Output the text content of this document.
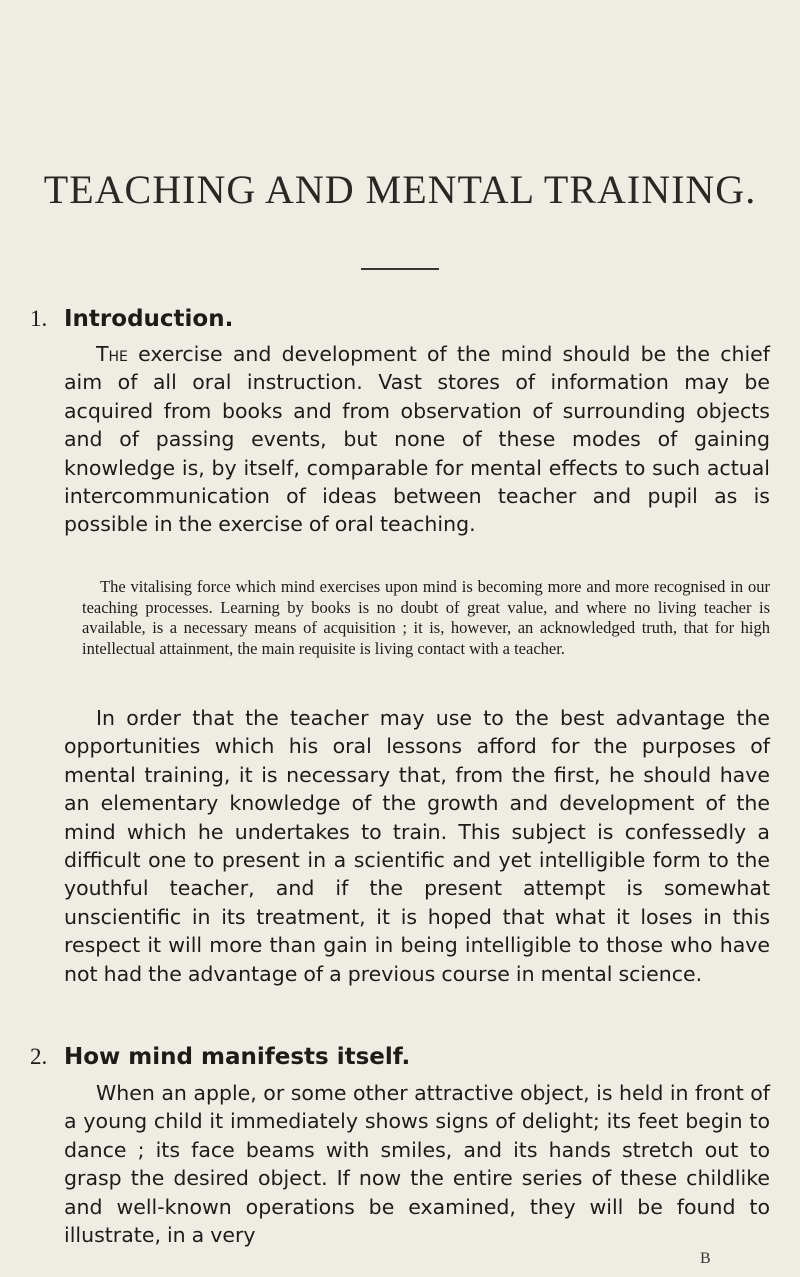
TEACHING AND MENTAL TRAINING.
1. Introduction.

The exercise and development of the mind should be the chief aim of all oral instruction. Vast stores of information may be acquired from books and from observation of surrounding objects and of passing events, but none of these modes of gaining knowledge is, by itself, comparable for mental effects to such actual intercommunication of ideas between teacher and pupil as is possible in the exercise of oral teaching.

The vitalising force which mind exercises upon mind is becoming more and more recognised in our teaching processes. Learning by books is no doubt of great value, and where no living teacher is available, is a necessary means of acquisition ; it is, however, an acknowledged truth, that for high intellectual attainment, the main requisite is living contact with a teacher.

In order that the teacher may use to the best advantage the opportunities which his oral lessons afford for the purposes of mental training, it is necessary that, from the first, he should have an elementary knowledge of the growth and development of the mind which he undertakes to train. This subject is confessedly a difficult one to present in a scientific and yet intelligible form to the youthful teacher, and if the present attempt is somewhat unscientific in its treatment, it is hoped that what it loses in this respect it will more than gain in being intelligible to those who have not had the advantage of a previous course in mental science.

2. How mind manifests itself.

When an apple, or some other attractive object, is held in front of a young child it immediately shows signs of delight; its feet begin to dance ; its face beams with smiles, and its hands stretch out to grasp the desired object. If now the entire series of these childlike and well-known operations be examined, they will be found to illustrate, in a very

B
